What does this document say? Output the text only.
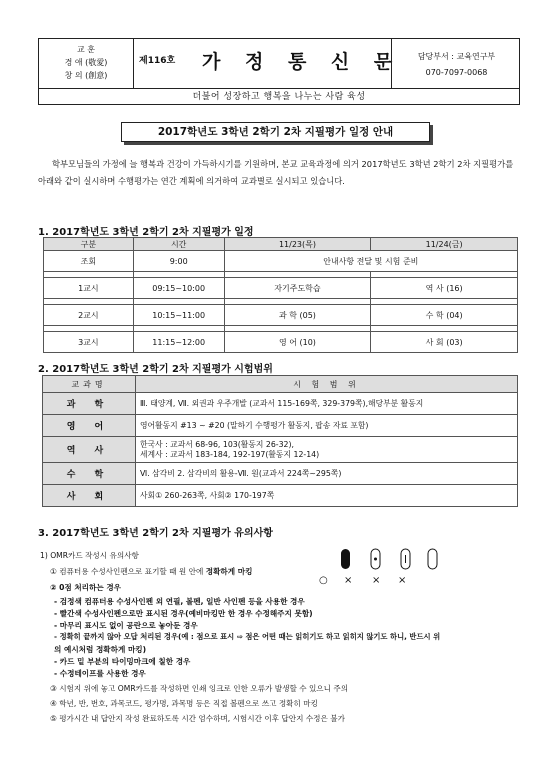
교 훈
경 애 (敬愛)
창 의 (創意)
제116호 가 정 통 신 문	담당부서 : 교육연구부
070-7097-0068
더불어 성장하고 행복을 나누는 사람 육성
2017학년도 3학년 2학기 2차 지필평가 일정 안내
학부모님들의 가정에 늘 행복과 건강이 가득하시기를 기원하며, 본교 교육과정에 의거 2017학년도 3학년 2학기 2차 지필평가를 아래와 같이 실시하며 수행평가는 연간 계획에 의거하여 교과별로 실시되고 있습니다.
1. 2017학년도 3학년 2학기 2차 지필평가 일정
구분	시간	11/23(목)	11/24(금)
조회	9:00	안내사항 전달 및 시험 준비	

1교시	09:15~10:00	자기주도학습	역 사 (16)

2교시	10:15~11:00	과 학 (05)	수 학 (04)

3교시	11:15~12:00	영 어 (10)	사 회 (03)
2. 2017학년도 3학년 2학기 2차 지필평가 시험범위
교과명	시 험 범 위
과 학	Ⅲ. 태양계, Ⅶ. 외권과 우주개발 (교과서 115-169쪽, 329-379쪽),해당부분 활동지

영 어	영어활동지 #13 ~ #20 (말하기 수행평가 활동지, 팝송 자료 포함)

역 사	한국사 : 교과서 68-96, 103(활동지 26-32),
세계사 : 교과서 183-184, 192-197(활동지 12-14)

수 학	Ⅵ. 삼각비 2. 삼각비의 활용-Ⅶ. 원(교과서 224쪽~295쪽)

사 회	사회① 260-263쪽, 사회② 170-197쪽
3. 2017학년도 3학년 2학기 2차 지필평가 유의사항
1) OMR카드 작성시 유의사항
① 컴퓨터용 수성사인펜으로 표기할 때 원 안에 정확하게 마킹
② 0점 처리하는 경우
○ × × ×
- 검정색 컴퓨터용 수성사인펜 외 연필, 볼펜, 일반 사인펜 등을 사용한 경우
- 빨간색 수성사인펜으로만 표시된 경우(예비마킹만 한 경우 수정해주지 못함)
- 마무리 표시도 없이 공란으로 놓아둔 경우
- 정확히 끝까지 않아 오답 처리된 경우(예 : 점으로 표시 ⇨ 점은 어떤 때는 읽히기도 하고 읽히지 않기도 하니, 반드시 위
의 예시처럼 정확하게 마킹)
- 카드 밑 부분의 타이밍마크에 칠한 경우
- 수정테이프를 사용한 경우
③ 시험지 위에 놓고 OMR카드를 작성하면 인쇄 잉크로 인한 오류가 발생할 수 있으니 주의
④ 학년, 반, 번호, 과목코드, 평가명, 과목명 등은 직접 볼펜으로 쓰고 정확히 마킹
⑤ 평가시간 내 답안지 작성 완료하도록 시간 엄수하며, 시험시간 이후 답안지 수정은 불가
